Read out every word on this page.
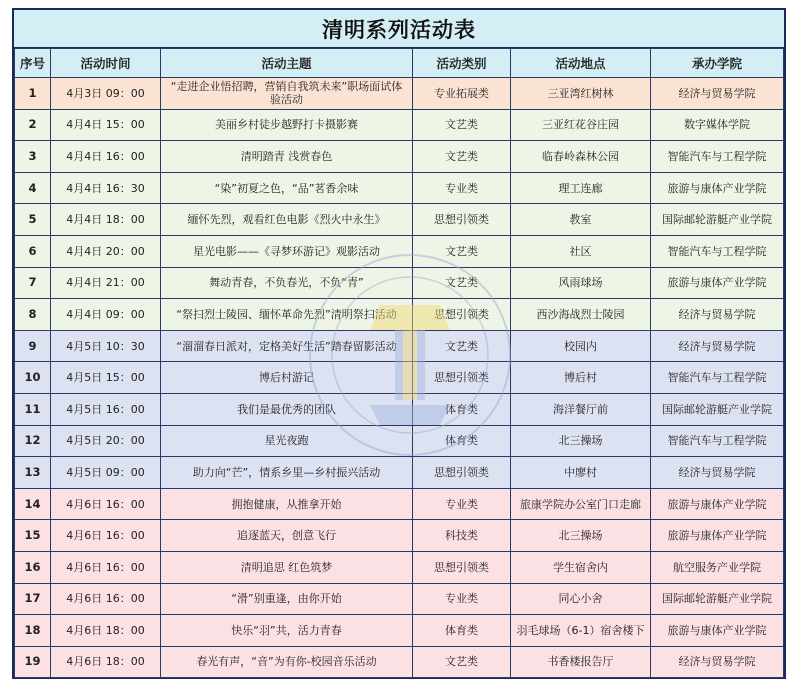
清明系列活动表
序号	活动时间	活动主题	活动类别	活动地点	承办学院
1	4月3日 09：00	“走进企业悟招聘，营销自我筑未来”职场面试体验活动	专业拓展类	三亚湾红树林	经济与贸易学院
2	4月4日 15：00	美丽乡村徒步越野打卡摄影赛	文艺类	三亚红花谷庄园	数字媒体学院
3	4月4日 16：00	清明踏青 浅赏春色	文艺类	临春岭森林公园	智能汽车与工程学院
4	4月4日 16：30	“染”初夏之色，“品”茗香余味	专业类	理工连廊	旅游与康体产业学院
5	4月4日 18：00	缅怀先烈，观看红色电影《烈火中永生》	思想引领类	教室	国际邮轮游艇产业学院
6	4月4日 20：00	星光电影——《寻梦环游记》观影活动	文艺类	社区	智能汽车与工程学院
7	4月4日 21：00	舞动青春，不负春光，不负“青”	文艺类	风雨球场	旅游与康体产业学院
8	4月4日 09：00	“祭扫烈士陵园、缅怀革命先烈”清明祭扫活动	思想引领类	西沙海战烈士陵园	经济与贸易学院
9	4月5日 10：30	“溜溜春日派对，定格美好生活”踏春留影活动	文艺类	校园内	经济与贸易学院
10	4月5日 15：00	博后村游记	思想引领类	博后村	智能汽车与工程学院
11	4月5日 16：00	我们是最优秀的团队	体育类	海洋餐厅前	国际邮轮游艇产业学院
12	4月5日 20：00	星光夜跑	体育类	北三操场	智能汽车与工程学院
13	4月5日 09：00	助力向“芒”，情系乡里—乡村振兴活动	思想引领类	中廖村	经济与贸易学院
14	4月6日 16：00	拥抱健康，从推拿开始	专业类	旅康学院办公室门口走廊	旅游与康体产业学院
15	4月6日 16：00	追逐蓝天，创意飞行	科技类	北三操场	旅游与康体产业学院
16	4月6日 16：00	清明追思 红色筑梦	思想引领类	学生宿舍内	航空服务产业学院
17	4月6日 16：00	“滑”别重逢，由你开始	专业类	同心小舍	国际邮轮游艇产业学院
18	4月6日 18：00	快乐“羽”共，活力青春	体育类	羽毛球场（6-1）宿舍楼下	旅游与康体产业学院
19	4月6日 18：00	春光有声，“音”为有你-校园音乐活动	文艺类	书香楼报告厅	经济与贸易学院
